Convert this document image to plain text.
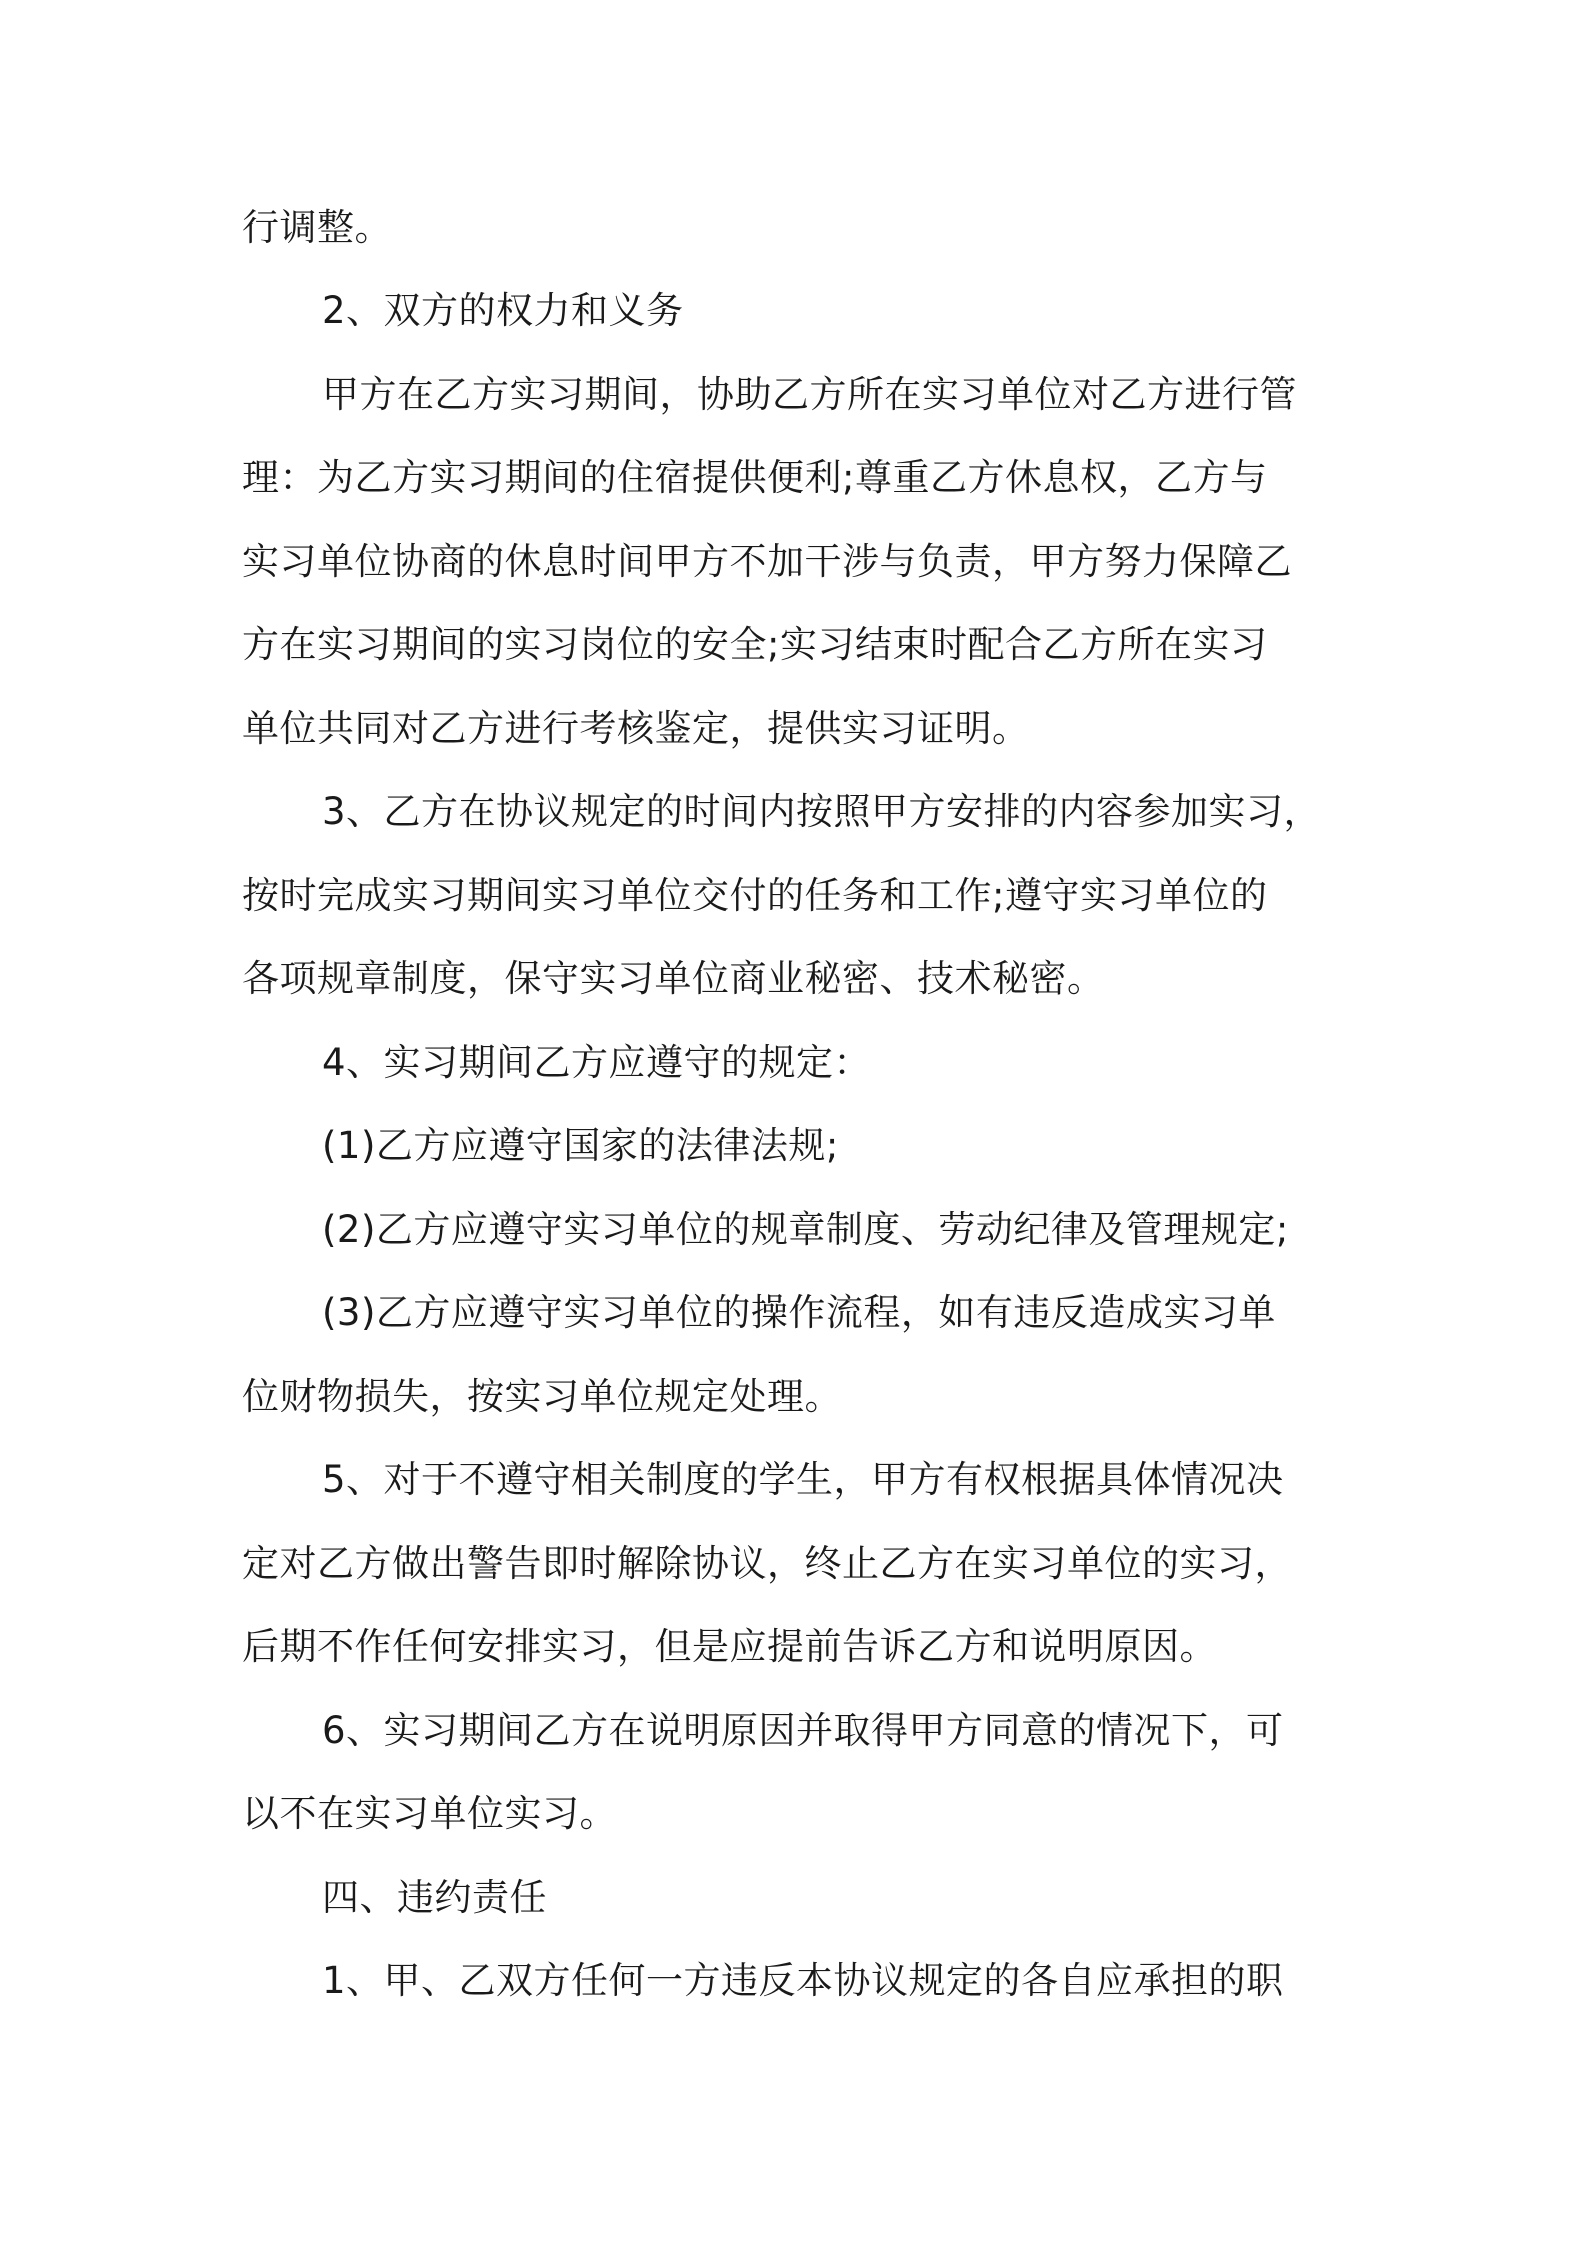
行调整。
2、双方的权力和义务
甲方在乙方实习期间，协助乙方所在实习单位对乙方进行管
理：为乙方实习期间的住宿提供便利;尊重乙方休息权，乙方与
实习单位协商的休息时间甲方不加干涉与负责，甲方努力保障乙
方在实习期间的实习岗位的安全;实习结束时配合乙方所在实习
单位共同对乙方进行考核鉴定，提供实习证明。
3、乙方在协议规定的时间内按照甲方安排的内容参加实习，
按时完成实习期间实习单位交付的任务和工作;遵守实习单位的
各项规章制度，保守实习单位商业秘密、技术秘密。
4、实习期间乙方应遵守的规定：
(1)乙方应遵守国家的法律法规;
(2)乙方应遵守实习单位的规章制度、劳动纪律及管理规定;
(3)乙方应遵守实习单位的操作流程，如有违反造成实习单
位财物损失，按实习单位规定处理。
5、对于不遵守相关制度的学生，甲方有权根据具体情况决
定对乙方做出警告即时解除协议，终止乙方在实习单位的实习，
后期不作任何安排实习，但是应提前告诉乙方和说明原因。
6、实习期间乙方在说明原因并取得甲方同意的情况下，可
以不在实习单位实习。
四、违约责任
1、甲、乙双方任何一方违反本协议规定的各自应承担的职
